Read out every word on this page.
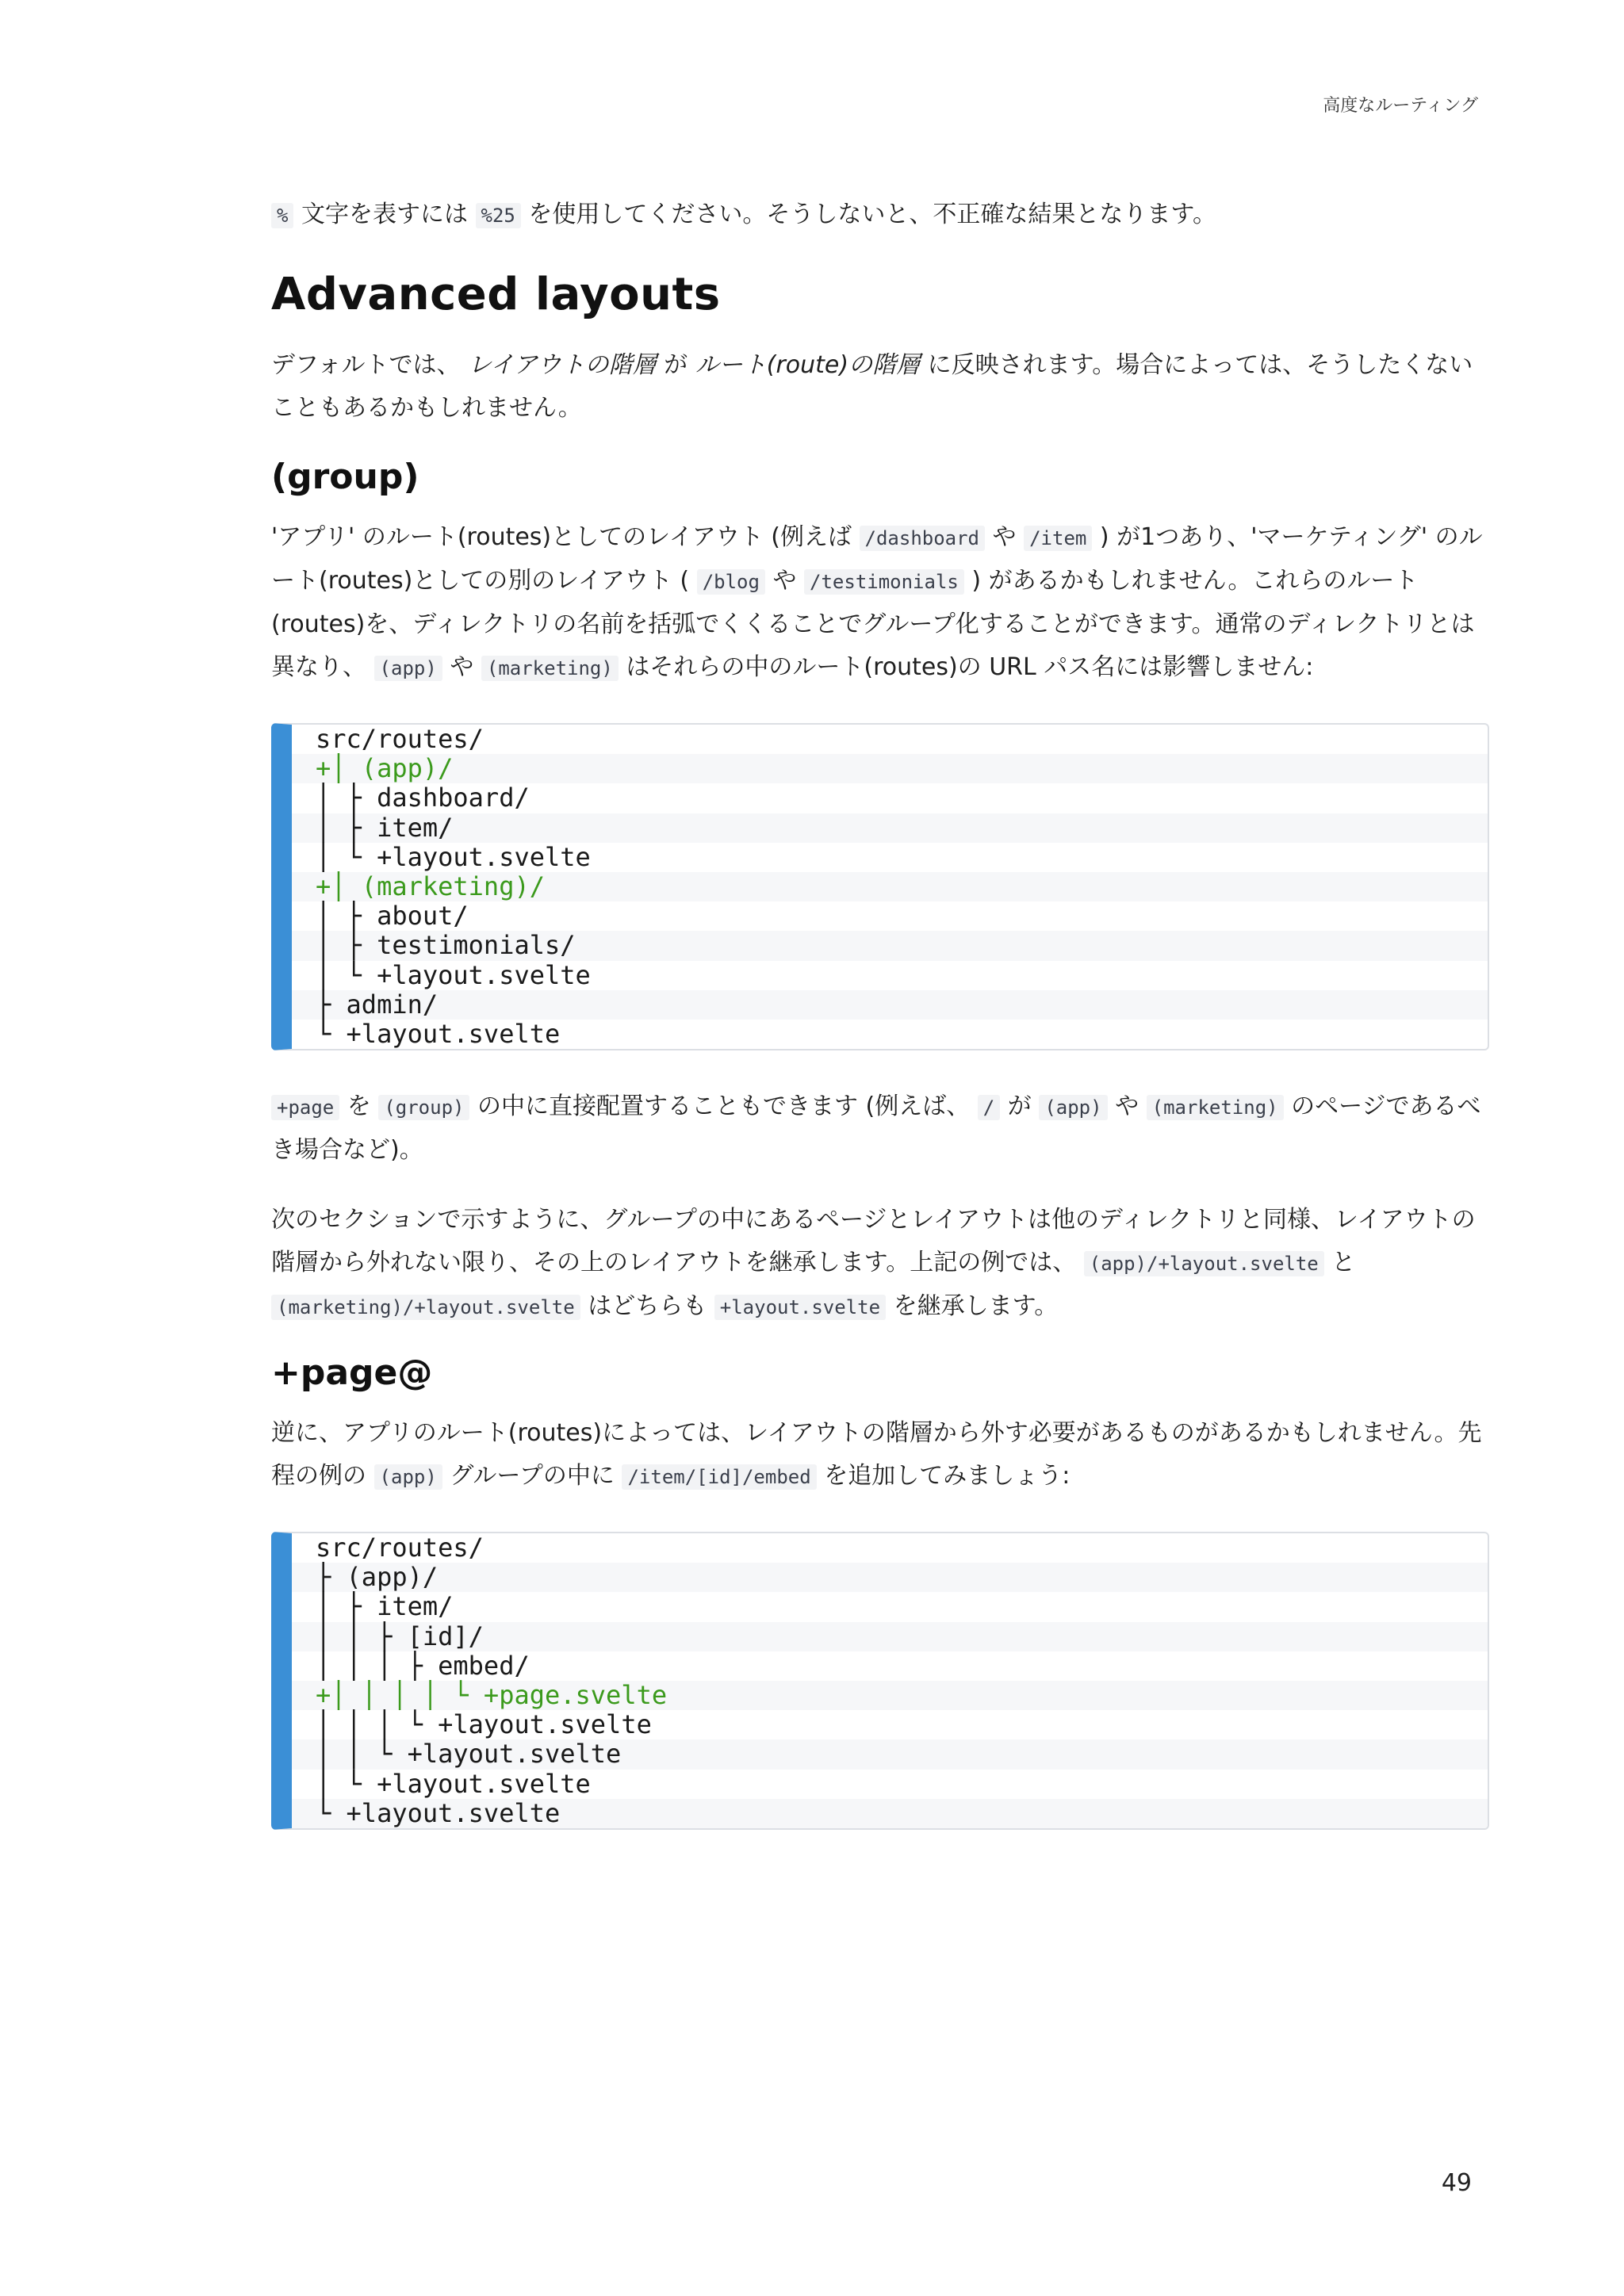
高度なルーティング

% 文字を表すには %25 を使用してください。そうしないと、不正確な結果となります。

Advanced layouts

デフォルトでは、 レイアウトの階層 が ルート(route)の階層 に反映されます。場合によっては、そうしたくないこともあるかもしれません。

(group)

'アプリ' のルート(routes)としてのレイアウト (例えば /dashboard や /item ) が1つあり、'マーケティング' のルート(routes)としての別のレイアウト ( /blog や /testimonials ) があるかもしれません。これらのルート(routes)を、ディレクトリの名前を括弧でくくることでグループ化することができます。通常のディレクトリとは異なり、 (app) や (marketing) はそれらの中のルート(routes)の URL パス名には影響しません:

src/routes/
+│ (app)/
│ ├ dashboard/
│ ├ item/
│ └ +layout.svelte
+│ (marketing)/
│ ├ about/
│ ├ testimonials/
│ └ +layout.svelte
├ admin/
└ +layout.svelte

+page を (group) の中に直接配置することもできます (例えば、 / が (app) や (marketing) のページであるべき場合など)。

次のセクションで示すように、グループの中にあるページとレイアウトは他のディレクトリと同様、レイアウトの階層から外れない限り、その上のレイアウトを継承します。上記の例では、 (app)/+layout.svelte と (marketing)/+layout.svelte はどちらも +layout.svelte を継承します。

+page@

逆に、アプリのルート(routes)によっては、レイアウトの階層から外す必要があるものがあるかもしれません。先程の例の (app) グループの中に /item/[id]/embed を追加してみましょう:

src/routes/
├ (app)/
│ ├ item/
│ │ ├ [id]/
│ │ │ ├ embed/
+│ │ │ │ └ +page.svelte
│ │ │ └ +layout.svelte
│ │ └ +layout.svelte
│ └ +layout.svelte
└ +layout.svelte
49
